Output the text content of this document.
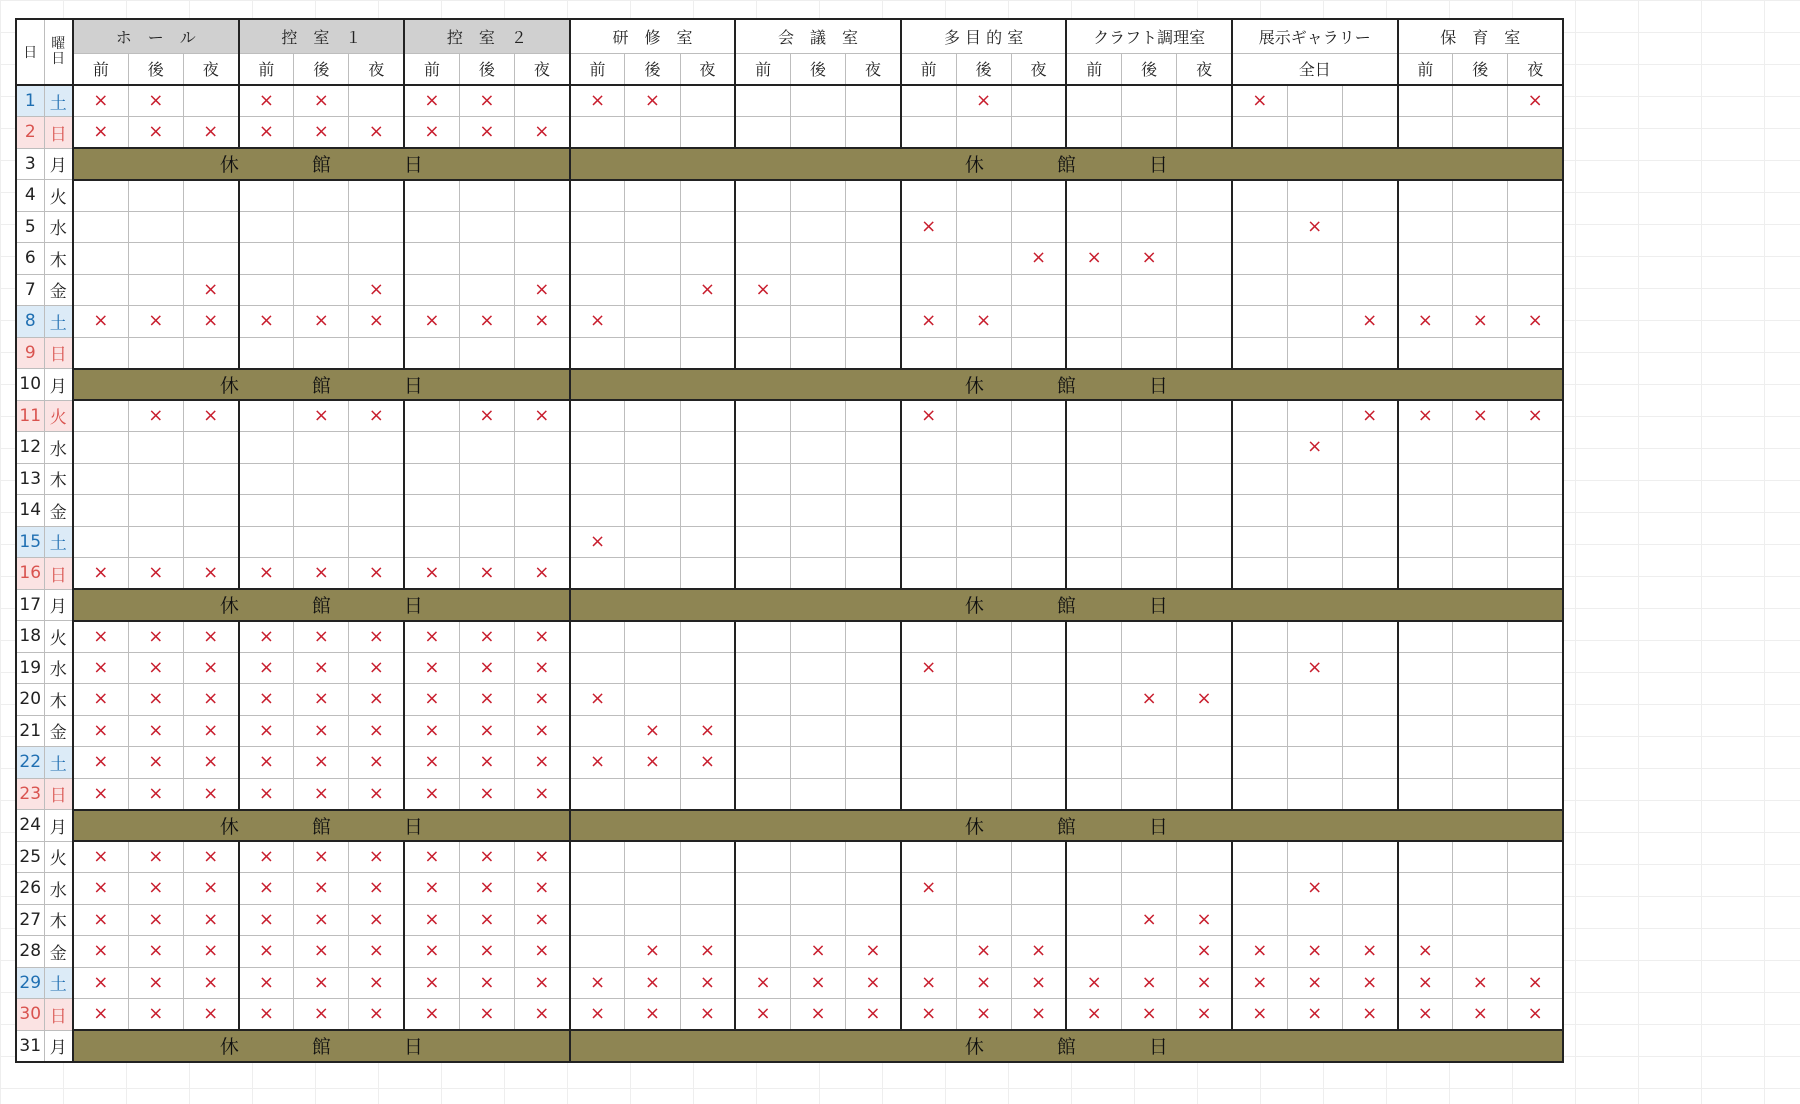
日	曜日	ホ　ー　ル			控　室　１			控　室　２			研　修　室			会　議　室			多 目 的 室			クラフト調理室			展示ギャラリー			保　育　室		
		前	後	夜	前	後	夜	前	後	夜	前	後	夜	前	後	夜	前	後	夜	前	後	夜	全日			前	後	夜
1	土	×	×		×	×		×	×		×	×						×					×					×
2	日	×	×	×	×	×	×	×	×	×																		
3	月	休 館 日									休 館 日																	
4	火																											
5	水																×							×				
6	木																		×	×	×							
7	金			×			×			×			×	×														
8	土	×	×	×	×	×	×	×	×	×	×						×	×							×	×	×	×
9	日																											
10	月	休 館 日									休 館 日																	
11	火		×	×		×	×		×	×							×								×	×	×	×
12	水																							×				
13	木																											
14	金																											
15	土										×																	
16	日	×	×	×	×	×	×	×	×	×																		
17	月	休 館 日									休 館 日																	
18	火	×	×	×	×	×	×	×	×	×																		
19	水	×	×	×	×	×	×	×	×	×							×							×				
20	木	×	×	×	×	×	×	×	×	×	×										×	×						
21	金	×	×	×	×	×	×	×	×	×		×	×															
22	土	×	×	×	×	×	×	×	×	×	×	×	×															
23	日	×	×	×	×	×	×	×	×	×																		
24	月	休 館 日									休 館 日																	
25	火	×	×	×	×	×	×	×	×	×																		
26	水	×	×	×	×	×	×	×	×	×							×							×				
27	木	×	×	×	×	×	×	×	×	×											×	×						
28	金	×	×	×	×	×	×	×	×	×		×	×		×	×		×	×			×	×	×	×	×		
29	土	×	×	×	×	×	×	×	×	×	×	×	×	×	×	×	×	×	×	×	×	×	×	×	×	×	×	×
30	日	×	×	×	×	×	×	×	×	×	×	×	×	×	×	×	×	×	×	×	×	×	×	×	×	×	×	×
31	月	休 館 日									休 館 日																	
